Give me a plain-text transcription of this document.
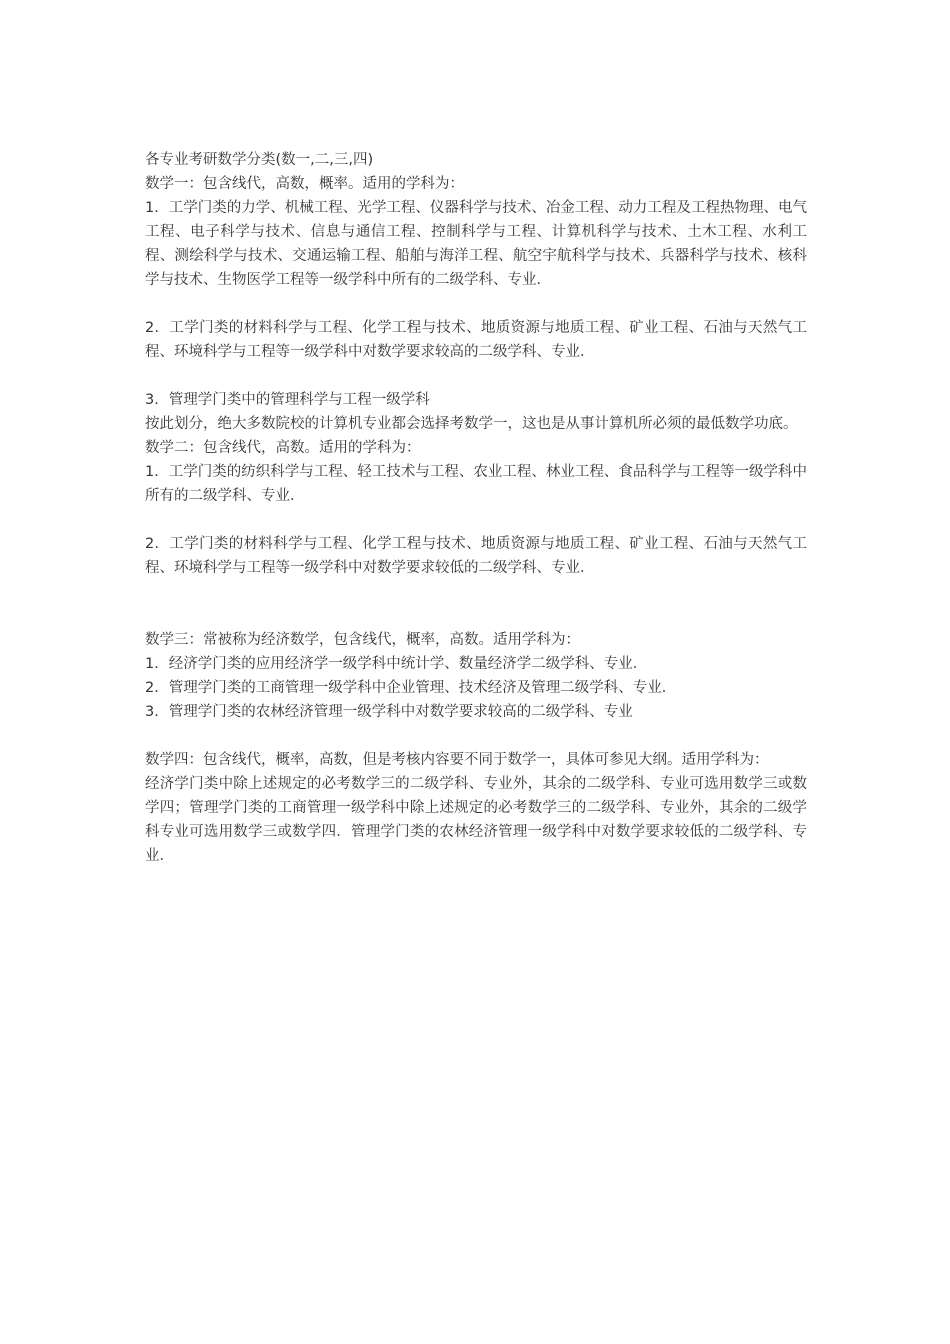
各专业考研数学分类(数一,二,三,四)

数学一：包含线代，高数，概率。适用的学科为：

1．工学门类的力学、机械工程、光学工程、仪器科学与技术、冶金工程、动力工程及工程热物理、电气工程、电子科学与技术、信息与通信工程、控制科学与工程、计算机科学与技术、土木工程、水利工程、测绘科学与技术、交通运输工程、船舶与海洋工程、航空宇航科学与技术、兵器科学与技术、核科学与技术、生物医学工程等一级学科中所有的二级学科、专业．

2．工学门类的材料科学与工程、化学工程与技术、地质资源与地质工程、矿业工程、石油与天然气工程、环境科学与工程等一级学科中对数学要求较高的二级学科、专业．

3．管理学门类中的管理科学与工程一级学科

按此划分，绝大多数院校的计算机专业都会选择考数学一，这也是从事计算机所必须的最低数学功底。

数学二：包含线代，高数。适用的学科为：

1．工学门类的纺织科学与工程、轻工技术与工程、农业工程、林业工程、食品科学与工程等一级学科中所有的二级学科、专业．

2．工学门类的材料科学与工程、化学工程与技术、地质资源与地质工程、矿业工程、石油与天然气工程、环境科学与工程等一级学科中对数学要求较低的二级学科、专业．

数学三：常被称为经济数学，包含线代，概率，高数。适用学科为：

1．经济学门类的应用经济学一级学科中统计学、数量经济学二级学科、专业．

2．管理学门类的工商管理一级学科中企业管理、技术经济及管理二级学科、专业．

3．管理学门类的农林经济管理一级学科中对数学要求较高的二级学科、专业

数学四：包含线代，概率，高数，但是考核内容要不同于数学一，具体可参见大纲。适用学科为：

经济学门类中除上述规定的必考数学三的二级学科、专业外，其余的二级学科、专业可选用数学三或数学四；管理学门类的工商管理一级学科中除上述规定的必考数学三的二级学科、专业外，其余的二级学科专业可选用数学三或数学四．管理学门类的农林经济管理一级学科中对数学要求较低的二级学科、专业．
